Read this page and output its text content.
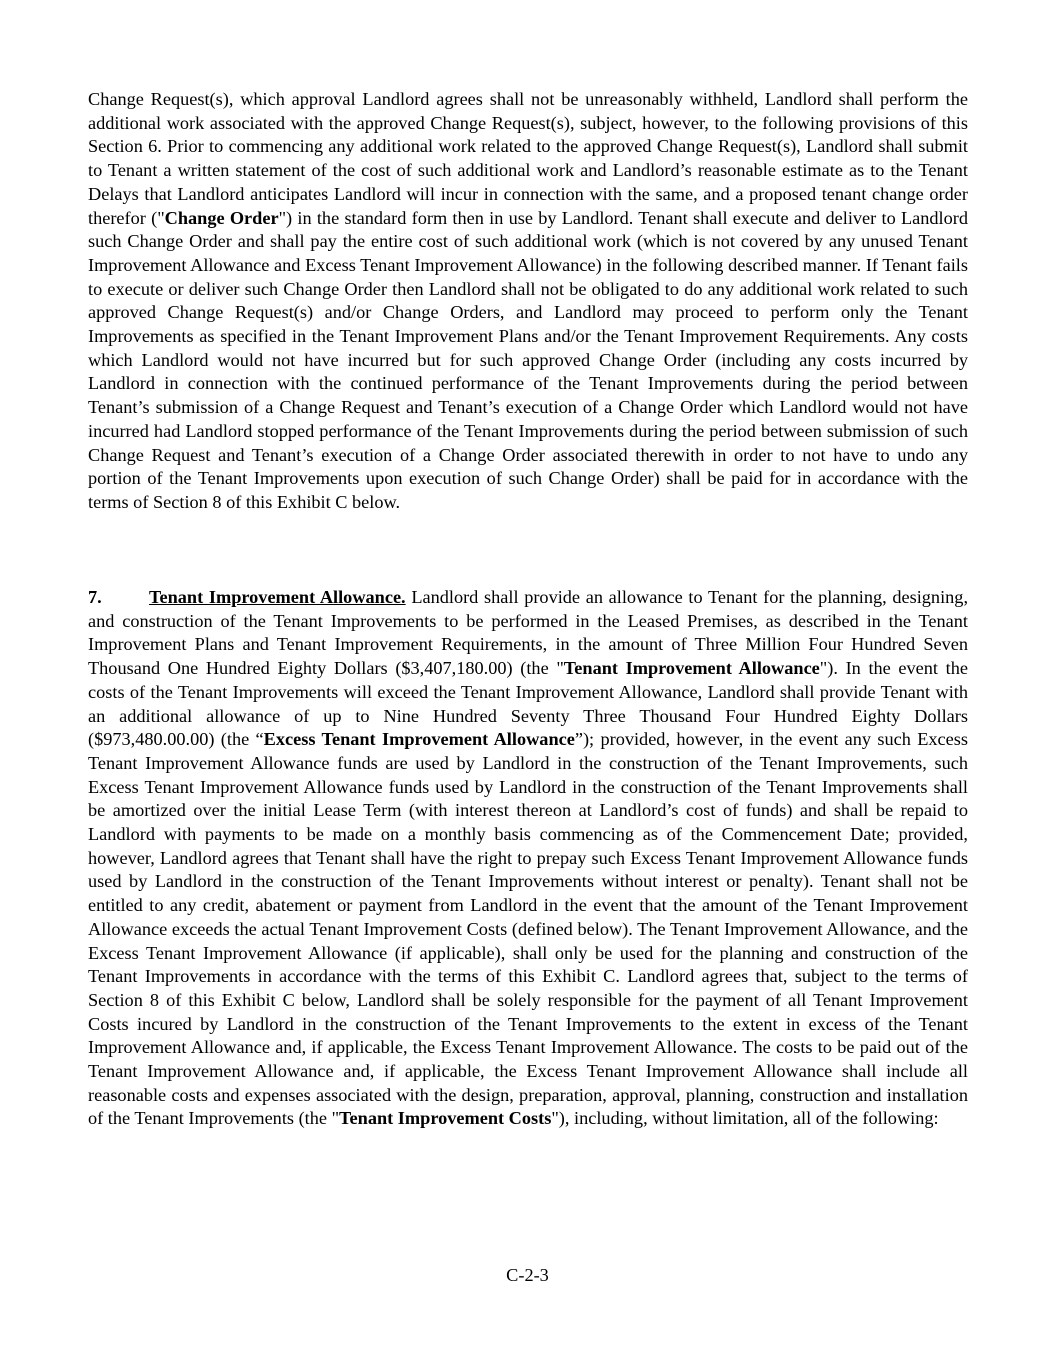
Change Request(s), which approval Landlord agrees shall not be unreasonably withheld, Landlord shall perform the additional work associated with the approved Change Request(s), subject, however, to the following provisions of this Section 6. Prior to commencing any additional work related to the approved Change Request(s), Landlord shall submit to Tenant a written statement of the cost of such additional work and Landlord’s reasonable estimate as to the Tenant Delays that Landlord anticipates Landlord will incur in connection with the same, and a proposed tenant change order therefor ("Change Order") in the standard form then in use by Landlord. Tenant shall execute and deliver to Landlord such Change Order and shall pay the entire cost of such additional work (which is not covered by any unused Tenant Improvement Allowance and Excess Tenant Improvement Allowance) in the following described manner. If Tenant fails to execute or deliver such Change Order then Landlord shall not be obligated to do any additional work related to such approved Change Request(s) and/or Change Orders, and Landlord may proceed to perform only the Tenant Improvements as specified in the Tenant Improvement Plans and/or the Tenant Improvement Requirements. Any costs which Landlord would not have incurred but for such approved Change Order (including any costs incurred by Landlord in connection with the continued performance of the Tenant Improvements during the period between Tenant’s submission of a Change Request and Tenant’s execution of a Change Order which Landlord would not have incurred had Landlord stopped performance of the Tenant Improvements during the period between submission of such Change Request and Tenant’s execution of a Change Order associated therewith in order to not have to undo any portion of the Tenant Improvements upon execution of such Change Order) shall be paid for in accordance with the terms of Section 8 of this Exhibit C below.

7.	Tenant Improvement Allowance. Landlord shall provide an allowance to Tenant for the planning, designing, and construction of the Tenant Improvements to be performed in the Leased Premises, as described in the Tenant Improvement Plans and Tenant Improvement Requirements, in the amount of Three Million Four Hundred Seven Thousand One Hundred Eighty Dollars ($3,407,180.00) (the "Tenant Improvement Allowance"). In the event the costs of the Tenant Improvements will exceed the Tenant Improvement Allowance, Landlord shall provide Tenant with an additional allowance of up to Nine Hundred Seventy Three Thousand Four Hundred Eighty Dollars ($973,480.00.00) (the “Excess Tenant Improvement Allowance”); provided, however, in the event any such Excess Tenant Improvement Allowance funds are used by Landlord in the construction of the Tenant Improvements, such Excess Tenant Improvement Allowance funds used by Landlord in the construction of the Tenant Improvements shall be amortized over the initial Lease Term (with interest thereon at Landlord’s cost of funds) and shall be repaid to Landlord with payments to be made on a monthly basis commencing as of the Commencement Date; provided, however, Landlord agrees that Tenant shall have the right to prepay such Excess Tenant Improvement Allowance funds used by Landlord in the construction of the Tenant Improvements without interest or penalty). Tenant shall not be entitled to any credit, abatement or payment from Landlord in the event that the amount of the Tenant Improvement Allowance exceeds the actual Tenant Improvement Costs (defined below). The Tenant Improvement Allowance, and the Excess Tenant Improvement Allowance (if applicable), shall only be used for the planning and construction of the Tenant Improvements in accordance with the terms of this Exhibit C. Landlord agrees that, subject to the terms of Section 8 of this Exhibit C below, Landlord shall be solely responsible for the payment of all Tenant Improvement Costs incured by Landlord in the construction of the Tenant Improvements to the extent in excess of the Tenant Improvement Allowance and, if applicable, the Excess Tenant Improvement Allowance. The costs to be paid out of the Tenant Improvement Allowance and, if applicable, the Excess Tenant Improvement Allowance shall include all reasonable costs and expenses associated with the design, preparation, approval, planning, construction and installation of the Tenant Improvements (the "Tenant Improvement Costs"), including, without limitation, all of the following:

C-2-3
